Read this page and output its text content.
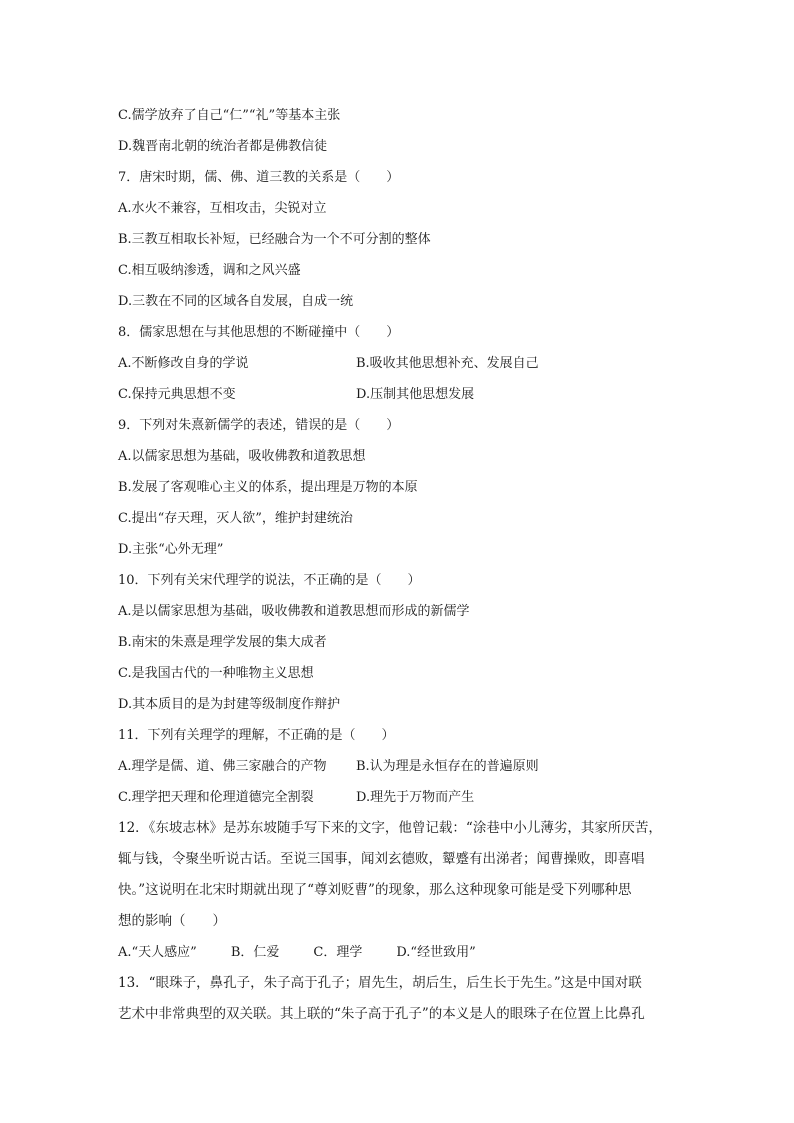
C.儒学放弃了自己“仁”“礼”等基本主张
D.魏晋南北朝的统治者都是佛教信徒
7．唐宋时期，儒、佛、道三教的关系是（　　）
A.水火不兼容，互相攻击，尖锐对立
B.三教互相取长补短，已经融合为一个不可分割的整体
C.相互吸纳渗透，调和之风兴盛
D.三教在不同的区域各自发展，自成一统
8．儒家思想在与其他思想的不断碰撞中（　　）
A.不断修改自身的学说	B.吸收其他思想补充、发展自己
C.保持元典思想不变	D.压制其他思想发展
9．下列对朱熹新儒学的表述，错误的是（　　）
A.以儒家思想为基础，吸收佛教和道教思想
B.发展了客观唯心主义的体系，提出理是万物的本原
C.提出“存天理，灭人欲”，维护封建统治
D.主张“心外无理”
10．下列有关宋代理学的说法，不正确的是（　　）
A.是以儒家思想为基础，吸收佛教和道教思想而形成的新儒学
B.南宋的朱熹是理学发展的集大成者
C.是我国古代的一种唯物主义思想
D.其本质目的是为封建等级制度作辩护
11．下列有关理学的理解，不正确的是（　　）
A.理学是儒、道、佛三家融合的产物	B.认为理是永恒存在的普遍原则
C.理学把天理和伦理道德完全割裂	D.理先于万物而产生
12．《东坡志林》是苏东坡随手写下来的文字，他曾记载：“涂巷中小儿薄劣，其家所厌苦，
辄与钱，令聚坐听说古话。至说三国事，闻刘玄德败，颦蹙有出涕者；闻曹操败，即喜唱
快。”这说明在北宋时期就出现了“尊刘贬曹”的现象，那么这种现象可能是受下列哪种思
想的影响（　　）
A.“天人感应”	B．仁爱	C．理学	D.“经世致用”
13．“眼珠子，鼻孔子，朱子高于孔子；眉先生，胡后生，后生长于先生。”这是中国对联
艺术中非常典型的双关联。其上联的“朱子高于孔子”的本义是人的眼珠子在位置上比鼻孔
